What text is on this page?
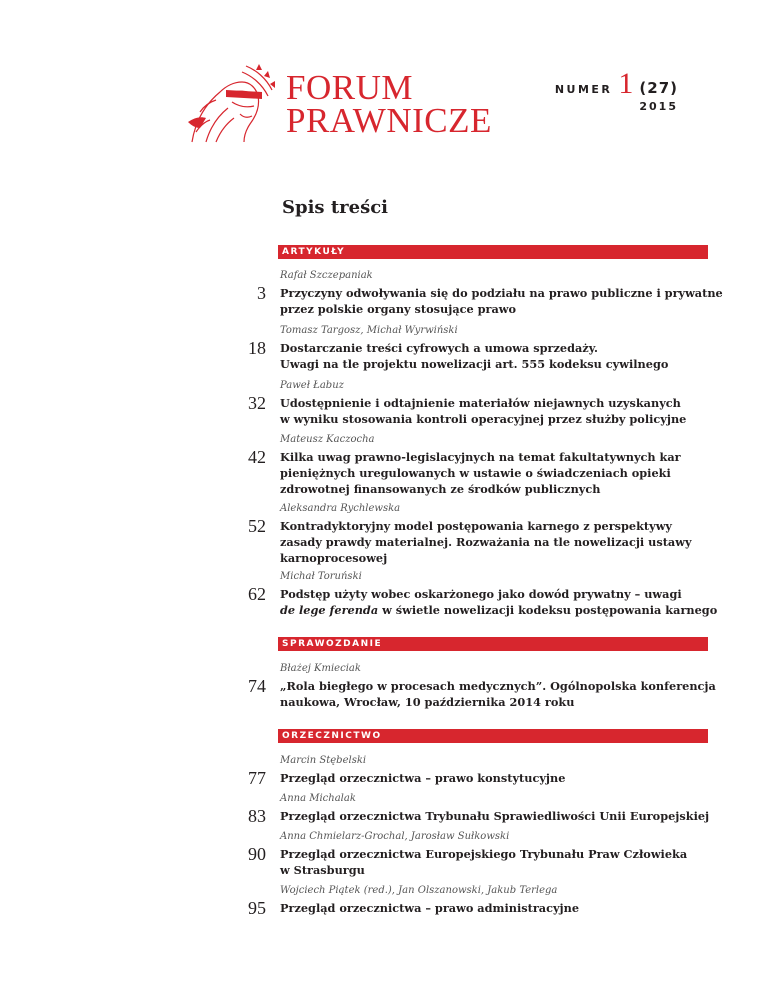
FORUM
PRAWNICZE
NUMER 1 (27)
2015
Spis treści
ARTYKUŁY
Rafał Szczepaniak
3 Przyczyny odwoływania się do podziału na prawo publiczne i prywatne
przez polskie organy stosujące prawo
Tomasz Targosz, Michał Wyrwiński
18 Dostarczanie treści cyfrowych a umowa sprzedaży.
Uwagi na tle projektu nowelizacji art. 555 kodeksu cywilnego
Paweł Łabuz
32 Udostępnienie i odtajnienie materiałów niejawnych uzyskanych
w wyniku stosowania kontroli operacyjnej przez służby policyjne
Mateusz Kaczocha
42 Kilka uwag prawno-legislacyjnych na temat fakultatywnych kar
pieniężnych uregulowanych w ustawie o świadczeniach opieki
zdrowotnej finansowanych ze środków publicznych
Aleksandra Rychlewska
52 Kontradyktoryjny model postępowania karnego z perspektywy
zasady prawdy materialnej. Rozważania na tle nowelizacji ustawy
karnoprocesowej
Michał Toruński
62 Podstęp użyty wobec oskarżonego jako dowód prywatny – uwagi
de lege ferenda w świetle nowelizacji kodeksu postępowania karnego
SPRAWOZDANIE
Błażej Kmieciak
74 „Rola biegłego w procesach medycznych”. Ogólnopolska konferencja
naukowa, Wrocław, 10 października 2014 roku
ORZECZNICTWO
Marcin Stębelski
77 Przegląd orzecznictwa – prawo konstytucyjne
Anna Michalak
83 Przegląd orzecznictwa Trybunału Sprawiedliwości Unii Europejskiej
Anna Chmielarz-Grochal, Jarosław Sułkowski
90 Przegląd orzecznictwa Europejskiego Trybunału Praw Człowieka
w Strasburgu
Wojciech Piątek (red.), Jan Olszanowski, Jakub Terlega
95 Przegląd orzecznictwa – prawo administracyjne
